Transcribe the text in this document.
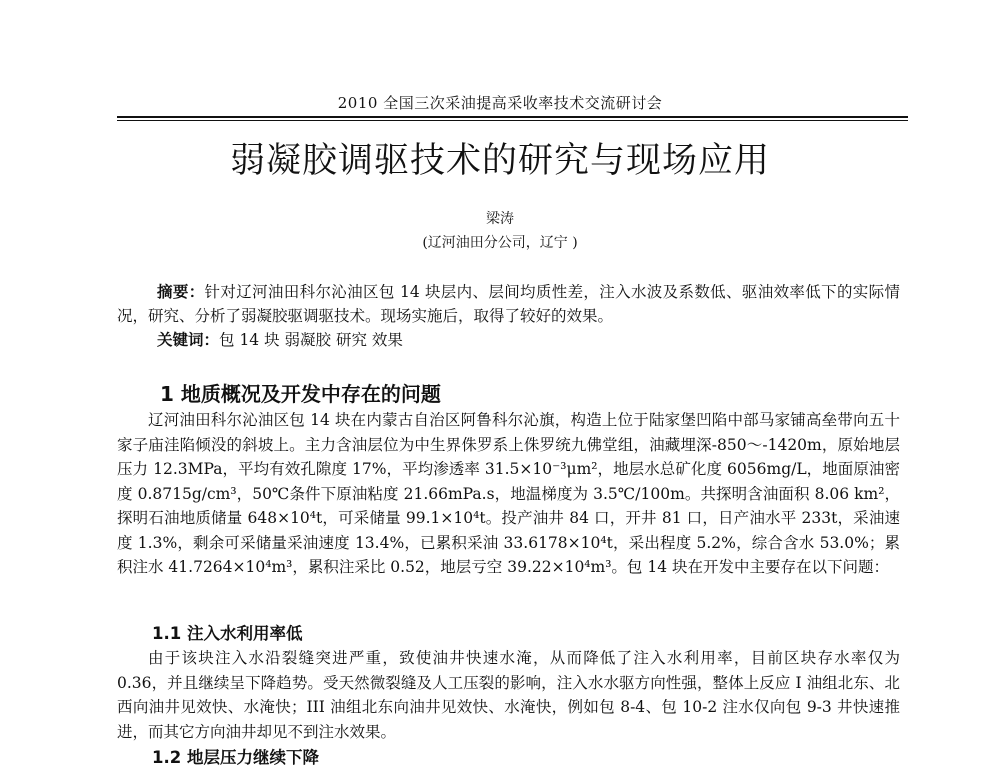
2010 全国三次采油提高采收率技术交流研讨会
弱凝胶调驱技术的研究与现场应用
梁涛
(辽河油田分公司，辽宁 )
摘要：针对辽河油田科尔沁油区包 14 块层内、层间均质性差，注入水波及系数低、驱油效率低下的实际情况，研究、分析了弱凝胶驱调驱技术。现场实施后，取得了较好的效果。
关键词：包 14 块 弱凝胶 研究 效果
1 地质概况及开发中存在的问题
辽河油田科尔沁油区包 14 块在内蒙古自治区阿鲁科尔沁旗，构造上位于陆家堡凹陷中部马家铺高垒带向五十家子庙洼陷倾没的斜坡上。主力含油层位为中生界侏罗系上侏罗统九佛堂组，油藏埋深-850～-1420m，原始地层压力 12.3MPa，平均有效孔隙度 17%，平均渗透率 31.5×10⁻³μm²，地层水总矿化度 6056mg/L，地面原油密度 0.8715g/cm³，50℃条件下原油粘度 21.66mPa.s，地温梯度为 3.5℃/100m。共探明含油面积 8.06 km²，探明石油地质储量 648×10⁴t，可采储量 99.1×10⁴t。投产油井 84 口，开井 81 口，日产油水平 233t，采油速度 1.3%，剩余可采储量采油速度 13.4%，已累积采油 33.6178×10⁴t，采出程度 5.2%，综合含水 53.0%；累积注水 41.7264×10⁴m³，累积注采比 0.52，地层亏空 39.22×10⁴m³。包 14 块在开发中主要存在以下问题：
1.1 注入水利用率低
由于该块注入水沿裂缝突进严重，致使油井快速水淹，从而降低了注入水利用率，目前区块存水率仅为 0.36，并且继续呈下降趋势。受天然微裂缝及人工压裂的影响，注入水水驱方向性强，整体上反应 I 油组北东、北西向油井见效快、水淹快；III 油组北东向油井见效快、水淹快，例如包 8-4、包 10-2 注水仅向包 9-3 井快速推进，而其它方向油井却见不到注水效果。
1.2 地层压力继续下降
